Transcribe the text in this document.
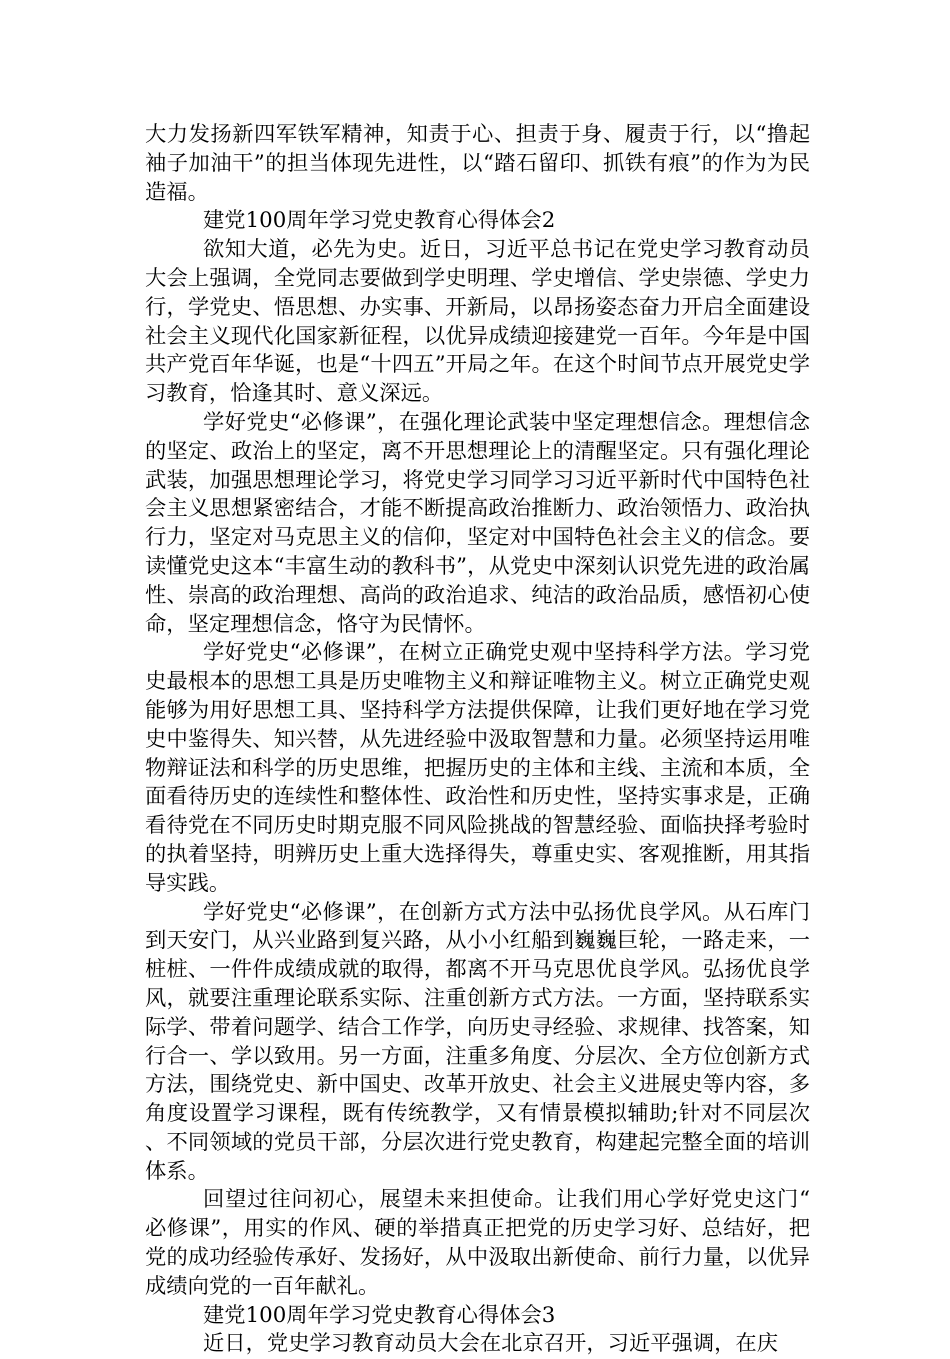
大力发扬新四军铁军精神，知责于心、担责于身、履责于行，以“撸起袖子加油干”的担当体现先进性，以“踏石留印、抓铁有痕”的作为为民造福。

建党100周年学习党史教育心得体会2

欲知大道，必先为史。近日，习近平总书记在党史学习教育动员大会上强调，全党同志要做到学史明理、学史增信、学史崇德、学史力行，学党史、悟思想、办实事、开新局，以昂扬姿态奋力开启全面建设社会主义现代化国家新征程，以优异成绩迎接建党一百年。今年是中国共产党百年华诞，也是“十四五”开局之年。在这个时间节点开展党史学习教育，恰逢其时、意义深远。

学好党史“必修课”，在强化理论武装中坚定理想信念。理想信念的坚定、政治上的坚定，离不开思想理论上的清醒坚定。只有强化理论武装，加强思想理论学习，将党史学习同学习习近平新时代中国特色社会主义思想紧密结合，才能不断提高政治推断力、政治领悟力、政治执行力，坚定对马克思主义的信仰，坚定对中国特色社会主义的信念。要读懂党史这本“丰富生动的教科书”，从党史中深刻认识党先进的政治属性、崇高的政治理想、高尚的政治追求、纯洁的政治品质，感悟初心使命，坚定理想信念，恪守为民情怀。

学好党史“必修课”，在树立正确党史观中坚持科学方法。学习党史最根本的思想工具是历史唯物主义和辩证唯物主义。树立正确党史观能够为用好思想工具、坚持科学方法提供保障，让我们更好地在学习党史中鉴得失、知兴替，从先进经验中汲取智慧和力量。必须坚持运用唯物辩证法和科学的历史思维，把握历史的主体和主线、主流和本质，全面看待历史的连续性和整体性、政治性和历史性，坚持实事求是，正确看待党在不同历史时期克服不同风险挑战的智慧经验、面临抉择考验时的执着坚持，明辨历史上重大选择得失，尊重史实、客观推断，用其指导实践。

学好党史“必修课”，在创新方式方法中弘扬优良学风。从石库门到天安门，从兴业路到复兴路，从小小红船到巍巍巨轮，一路走来，一桩桩、一件件成绩成就的取得，都离不开马克思优良学风。弘扬优良学风，就要注重理论联系实际、注重创新方式方法。一方面，坚持联系实际学、带着问题学、结合工作学，向历史寻经验、求规律、找答案，知行合一、学以致用。另一方面，注重多角度、分层次、全方位创新方式方法，围绕党史、新中国史、改革开放史、社会主义进展史等内容，多角度设置学习课程，既有传统教学，又有情景模拟辅助;针对不同层次、不同领域的党员干部，分层次进行党史教育，构建起完整全面的培训体系。

回望过往问初心，展望未来担使命。让我们用心学好党史这门“必修课”，用实的作风、硬的举措真正把党的历史学习好、总结好，把党的成功经验传承好、发扬好，从中汲取出新使命、前行力量，以优异成绩向党的一百年献礼。

建党100周年学习党史教育心得体会3

近日，党史学习教育动员大会在北京召开，习近平强调，在庆
